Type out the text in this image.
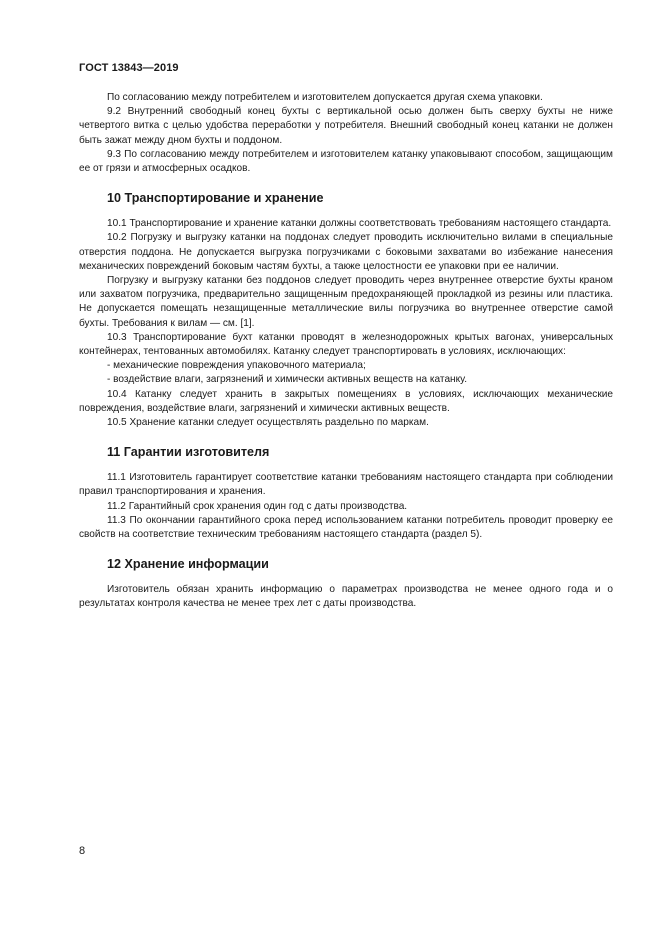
ГОСТ 13843—2019

По согласованию между потребителем и изготовителем допускается другая схема упаковки.

9.2 Внутренний свободный конец бухты с вертикальной осью должен быть сверху бухты не ниже четвертого витка с целью удобства переработки у потребителя. Внешний свободный конец катанки не должен быть зажат между дном бухты и поддоном.

9.3 По согласованию между потребителем и изготовителем катанку упаковывают способом, защищающим ее от грязи и атмосферных осадков.

10 Транспортирование и хранение

10.1 Транспортирование и хранение катанки должны соответствовать требованиям настоящего стандарта.

10.2 Погрузку и выгрузку катанки на поддонах следует проводить исключительно вилами в специальные отверстия поддона. Не допускается выгрузка погрузчиками с боковыми захватами во избежание нанесения механических повреждений боковым частям бухты, а также целостности ее упаковки при ее наличии.

Погрузку и выгрузку катанки без поддонов следует проводить через внутреннее отверстие бухты краном или захватом погрузчика, предварительно защищенным предохраняющей прокладкой из резины или пластика. Не допускается помещать незащищенные металлические вилы погрузчика во внутреннее отверстие самой бухты. Требования к вилам — см. [1].

10.3 Транспортирование бухт катанки проводят в железнодорожных крытых вагонах, универсальных контейнерах, тентованных автомобилях. Катанку следует транспортировать в условиях, исключающих:

- механические повреждения упаковочного материала;

- воздействие влаги, загрязнений и химически активных веществ на катанку.

10.4 Катанку следует хранить в закрытых помещениях в условиях, исключающих механические повреждения, воздействие влаги, загрязнений и химически активных веществ.

10.5 Хранение катанки следует осуществлять раздельно по маркам.

11 Гарантии изготовителя

11.1 Изготовитель гарантирует соответствие катанки требованиям настоящего стандарта при соблюдении правил транспортирования и хранения.

11.2 Гарантийный срок хранения один год с даты производства.

11.3 По окончании гарантийного срока перед использованием катанки потребитель проводит проверку ее свойств на соответствие техническим требованиям настоящего стандарта (раздел 5).

12 Хранение информации

Изготовитель обязан хранить информацию о параметрах производства не менее одного года и о результатах контроля качества не менее трех лет с даты производства.

8
